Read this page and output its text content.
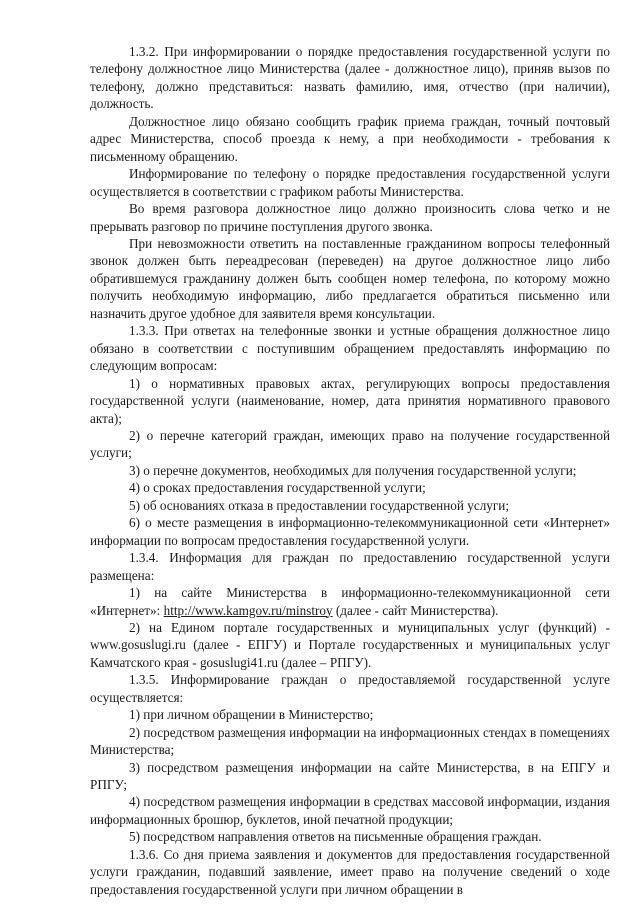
1.3.2. При информировании о порядке предоставления государственной услуги по телефону должностное лицо Министерства (далее - должностное лицо), приняв вызов по телефону, должно представиться: назвать фамилию, имя, отчество (при наличии), должность.

Должностное лицо обязано сообщить график приема граждан, точный почтовый адрес Министерства, способ проезда к нему, а при необходимости - требования к письменному обращению.

Информирование по телефону о порядке предоставления государственной услуги осуществляется в соответствии с графиком работы Министерства.

Во время разговора должностное лицо должно произносить слова четко и не прерывать разговор по причине поступления другого звонка.

При невозможности ответить на поставленные гражданином вопросы телефонный звонок должен быть переадресован (переведен) на другое должностное лицо либо обратившемуся гражданину должен быть сообщен номер телефона, по которому можно получить необходимую информацию, либо предлагается обратиться письменно или назначить другое удобное для заявителя время консультации.

1.3.3. При ответах на телефонные звонки и устные обращения должностное лицо обязано в соответствии с поступившим обращением предоставлять информацию по следующим вопросам:

1) о нормативных правовых актах, регулирующих вопросы предоставления государственной услуги (наименование, номер, дата принятия нормативного правового акта);

2) о перечне категорий граждан, имеющих право на получение государственной услуги;

3) о перечне документов, необходимых для получения государственной услуги;

4) о сроках предоставления государственной услуги;

5) об основаниях отказа в предоставлении государственной услуги;

6) о месте размещения в информационно-телекоммуникационной сети «Интернет» информации по вопросам предоставления государственной услуги.

1.3.4. Информация для граждан по предоставлению государственной услуги размещена:

1) на сайте Министерства в информационно-телекоммуникационной сети «Интернет»: http://www.kamgov.ru/minstroy (далее - сайт Министерства).

2) на Едином портале государственных и муниципальных услуг (функций) - www.gosuslugi.ru (далее - ЕПГУ) и Портале государственных и муниципальных услуг Камчатского края - gosuslugi41.ru (далее – РПГУ).

1.3.5. Информирование граждан о предоставляемой государственной услуге осуществляется:

1) при личном обращении в Министерство;

2) посредством размещения информации на информационных стендах в помещениях Министерства;

3) посредством размещения информации на сайте Министерства, в на ЕПГУ и РПГУ;

4) посредством размещения информации в средствах массовой информации, издания информационных брошюр, буклетов, иной печатной продукции;

5) посредством направления ответов на письменные обращения граждан.

1.3.6. Со дня приема заявления и документов для предоставления государственной услуги гражданин, подавший заявление, имеет право на получение сведений о ходе предоставления государственной услуги при личном обращении в
